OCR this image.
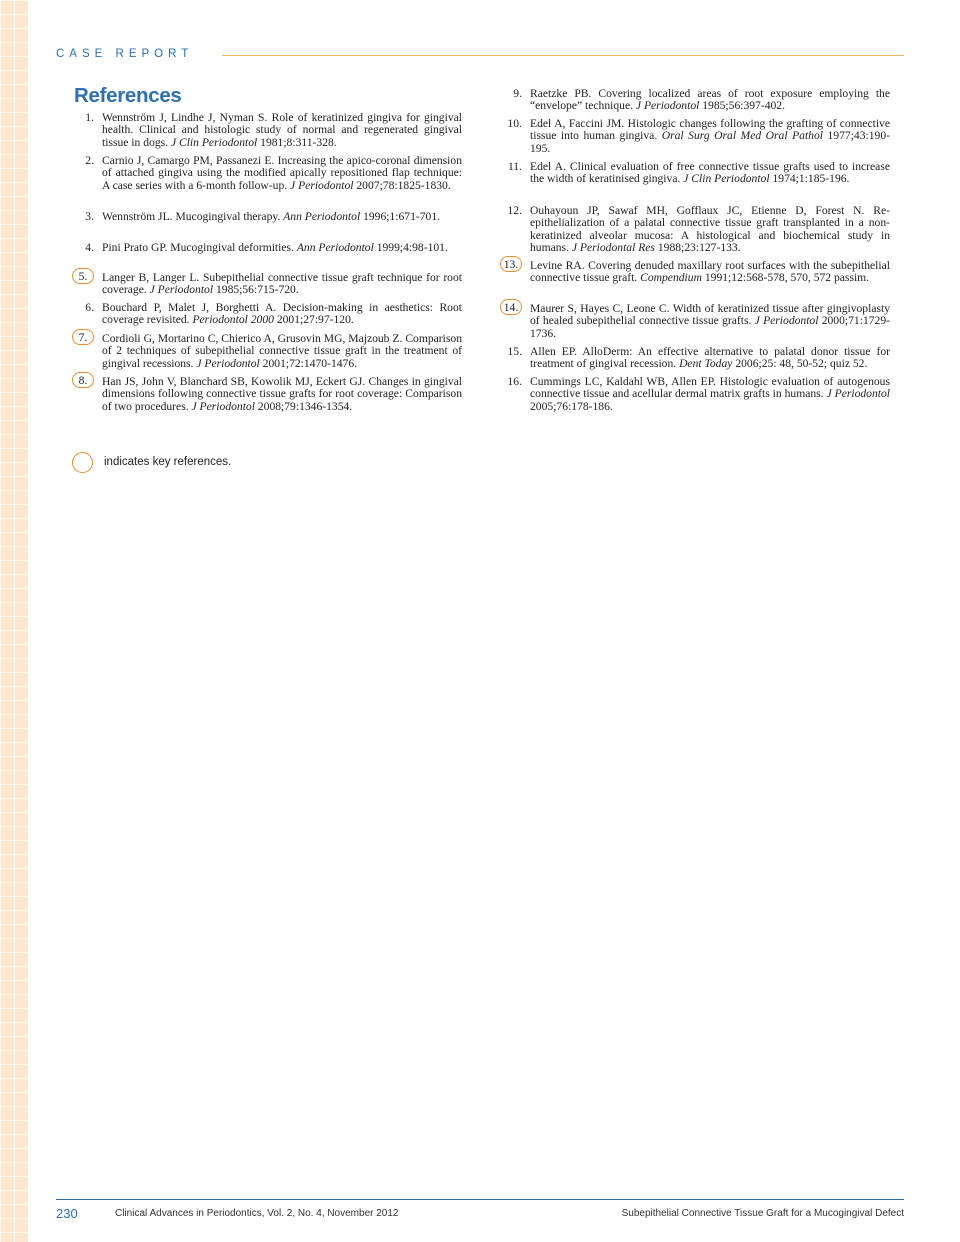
CASE REPORT
References
1. Wennström J, Lindhe J, Nyman S. Role of keratinized gingiva for gingival health. Clinical and histologic study of normal and regenerated gingival tissue in dogs. J Clin Periodontol 1981;8:311-328.
2. Carnio J, Camargo PM, Passanezi E. Increasing the apico-coronal dimension of attached gingiva using the modified apically repositioned flap technique: A case series with a 6-month follow-up. J Periodontol 2007;78:1825-1830.
3. Wennström JL. Mucogingival therapy. Ann Periodontol 1996;1:671-701.
4. Pini Prato GP. Mucogingival deformities. Ann Periodontol 1999;4:98-101.
5.	Langer B, Langer L. Subepithelial connective tissue graft technique for root coverage. J Periodontol 1985;56:715-720.
6. Bouchard P, Malet J, Borghetti A. Decision-making in aesthetics: Root coverage revisited. Periodontol 2000 2001;27:97-120.
7.	Cordioli G, Mortarino C, Chierico A, Grusovin MG, Majzoub Z. Comparison of 2 techniques of subepithelial connective tissue graft in the treatment of gingival recessions. J Periodontol 2001;72:1470-1476.
8.	Han JS, John V, Blanchard SB, Kowolik MJ, Eckert GJ. Changes in gingival dimensions following connective tissue grafts for root coverage: Comparison of two procedures. J Periodontol 2008;79:1346-1354.
9. Raetzke PB. Covering localized areas of root exposure employing the “envelope” technique. J Periodontol 1985;56:397-402.
10. Edel A, Faccini JM. Histologic changes following the grafting of connective tissue into human gingiva. Oral Surg Oral Med Oral Pathol 1977;43:190-195.
11. Edel A. Clinical evaluation of free connective tissue grafts used to increase the width of keratinised gingiva. J Clin Periodontol 1974;1:185-196.
12. Ouhayoun JP, Sawaf MH, Gofflaux JC, Etienne D, Forest N. Re-epithelialization of a palatal connective tissue graft transplanted in a non-keratinized alveolar mucosa: A histological and biochemical study in humans. J Periodontal Res 1988;23:127-133.
13.	Levine RA. Covering denuded maxillary root surfaces with the subepithelial connective tissue graft. Compendium 1991;12:568-578, 570, 572 passim.
14.	Maurer S, Hayes C, Leone C. Width of keratinized tissue after gingivoplasty of healed subepithelial connective tissue grafts. J Periodontol 2000;71:1729-1736.
15. Allen EP. AlloDerm: An effective alternative to palatal donor tissue for treatment of gingival recession. Dent Today 2006;25: 48, 50-52; quiz 52.
16. Cummings LC, Kaldahl WB, Allen EP. Histologic evaluation of autogenous connective tissue and acellular dermal matrix grafts in humans. J Periodontol 2005;76:178-186.
indicates key references.
230	Clinical Advances in Periodontics, Vol. 2, No. 4, November 2012	Subepithelial Connective Tissue Graft for a Mucogingival Defect
